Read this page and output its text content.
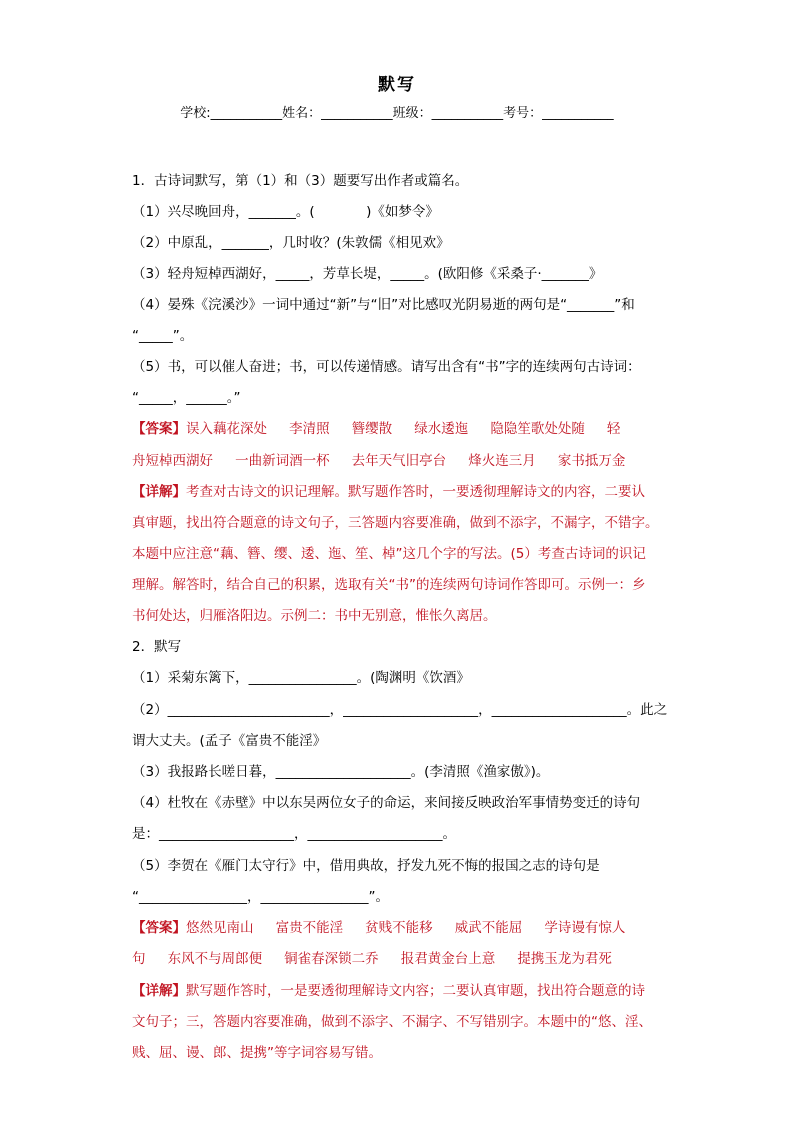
默写
学校:___________姓名：___________班级：___________考号：___________
1．古诗词默写，第（1）和（3）题要写出作者或篇名。
（1）兴尽晚回舟，_______。(            )《如梦令》
（2）中原乱，_______，几时收？(朱敦儒《相见欢》
（3）轻舟短棹西湖好，_____，芳草长堤，_____。(欧阳修《采桑子·_______》
（4）晏殊《浣溪沙》一词中通过“新”与“旧”对比感叹光阴易逝的两句是“_______”和
“_____”。
（5）书，可以催人奋进；书，可以传递情感。请写出含有“书”字的连续两句古诗词：
“_____，______。”
【答案】误入藕花深处　  李清照　  簪缨散　  绿水逶迤　  隐隐笙歌处处随　  轻
舟短棹西湖好　  一曲新词酒一杯　  去年天气旧亭台　  烽火连三月　  家书抵万金
【详解】考查对古诗文的识记理解。默写题作答时，一要透彻理解诗文的内容，二要认
真审题，找出符合题意的诗文句子，三答题内容要准确，做到不添字，不漏字，不错字。
本题中应注意“藕、簪、缨、逶、迤、笙、棹”这几个字的写法。(5）考查古诗词的识记
理解。解答时，结合自己的积累，选取有关“书”的连续两句诗词作答即可。示例一：乡
书何处达，归雁洛阳边。示例二：书中无别意，惟怅久离居。
2．默写
（1）采菊东篱下，________________。(陶渊明《饮酒》
（2）________________________，____________________，____________________。此之
谓大丈夫。(孟子《富贵不能淫》
（3）我报路长嗟日暮，____________________。(李清照《渔家傲》)。
（4）杜牧在《赤壁》中以东吴两位女子的命运，来间接反映政治军事情势变迁的诗句
是：____________________，____________________。
（5）李贺在《雁门太守行》中，借用典故，抒发九死不悔的报国之志的诗句是
“________________，________________”。
【答案】悠然见南山　  富贵不能淫　  贫贱不能移　  威武不能屈　  学诗谩有惊人
句　  东风不与周郎便　  铜雀春深锁二乔　  报君黄金台上意　  提携玉龙为君死
【详解】默写题作答时，一是要透彻理解诗文内容；二要认真审题，找出符合题意的诗
文句子；三，答题内容要准确，做到不添字、不漏字、不写错别字。本题中的“悠、淫、
贱、屈、谩、郎、提携”等字词容易写错。
